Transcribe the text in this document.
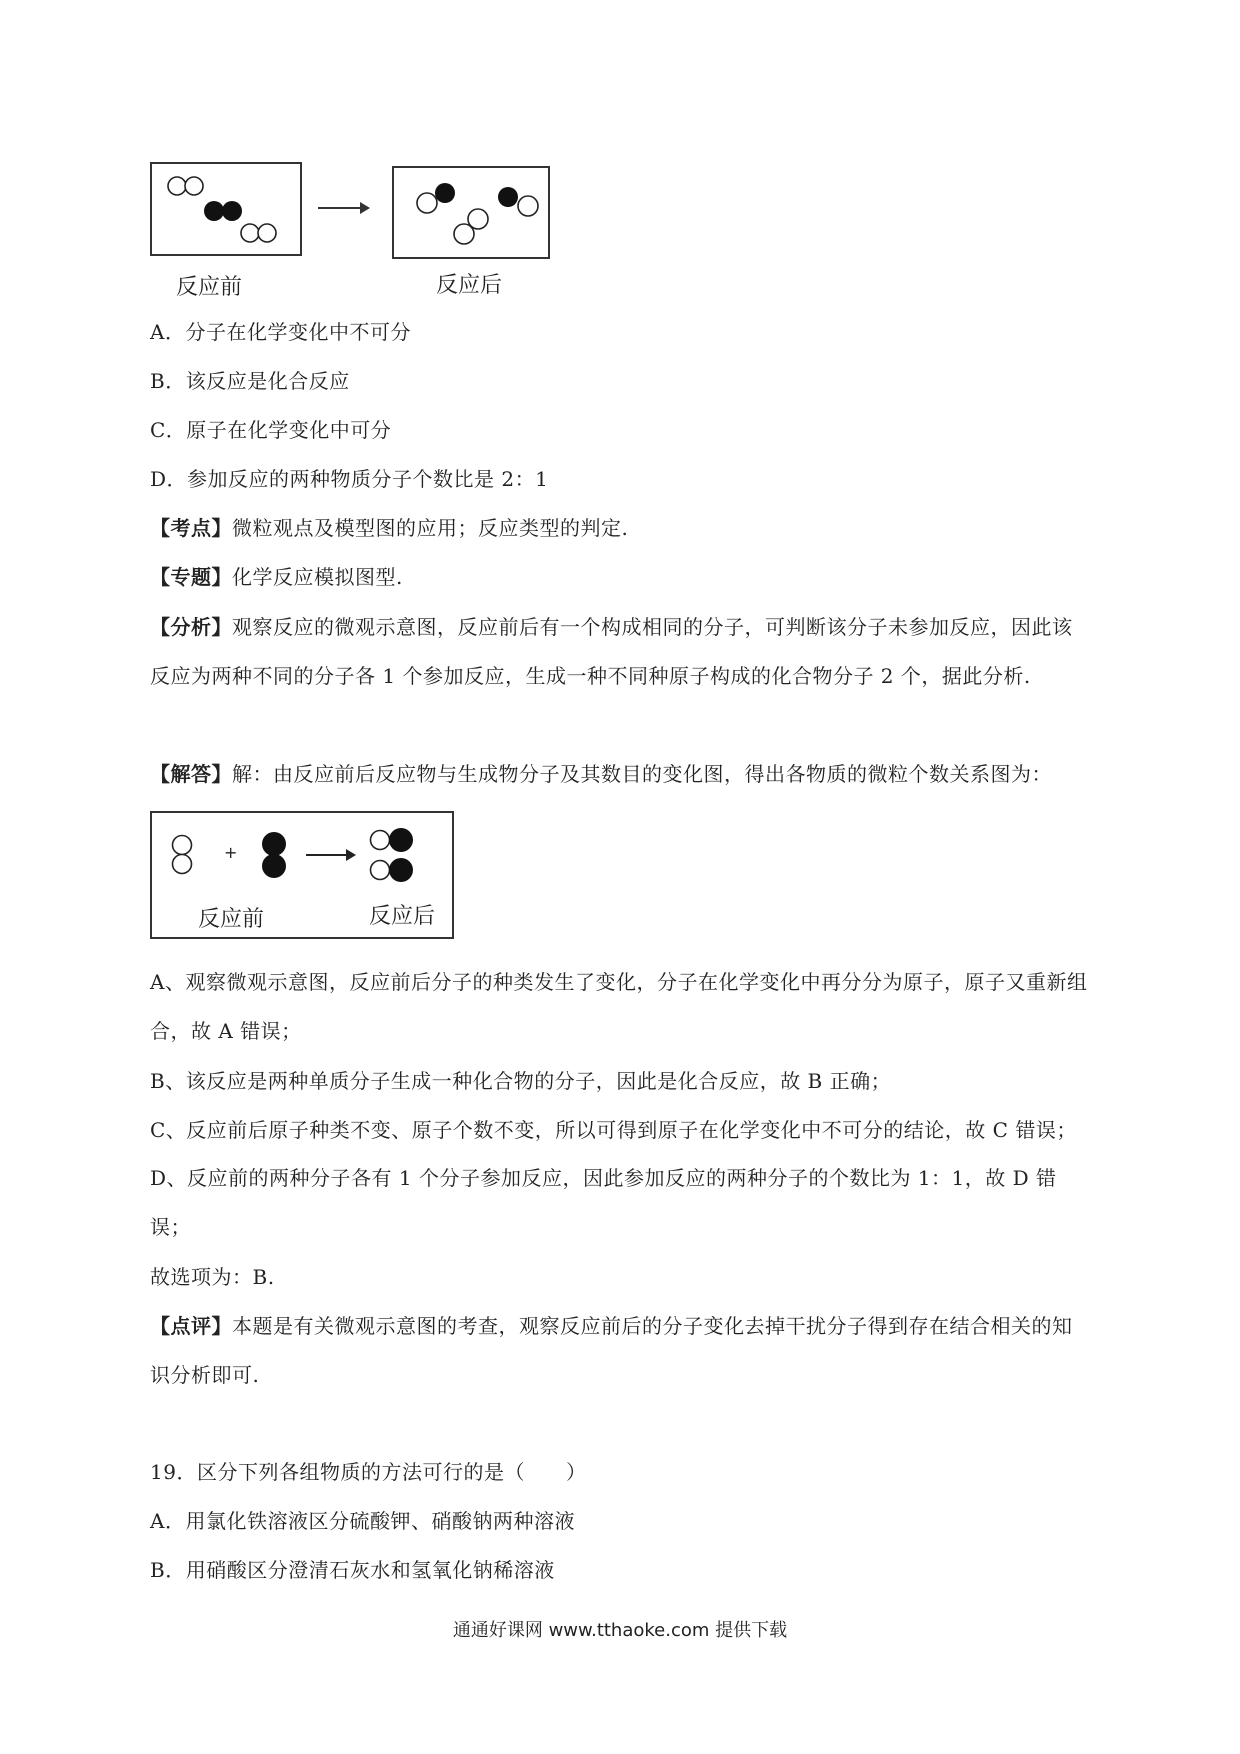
反应前	反应后
A．分子在化学变化中不可分
B．该反应是化合反应
C．原子在化学变化中可分
D．参加反应的两种物质分子个数比是 2：1
【考点】微粒观点及模型图的应用；反应类型的判定.
【专题】化学反应模拟图型.
【分析】观察反应的微观示意图，反应前后有一个构成相同的分子，可判断该分子未参加反应，因此该反应为两种不同的分子各 1 个参加反应，生成一种不同种原子构成的化合物分子 2 个，据此分析.
【解答】解：由反应前后反应物与生成物分子及其数目的变化图，得出各物质的微粒个数关系图为：
+
反应前	反应后
A、观察微观示意图，反应前后分子的种类发生了变化，分子在化学变化中再分分为原子，原子又重新组合，故 A 错误；
B、该反应是两种单质分子生成一种化合物的分子，因此是化合反应，故 B 正确；
C、反应前后原子种类不变、原子个数不变，所以可得到原子在化学变化中不可分的结论，故 C 错误；
D、反应前的两种分子各有 1 个分子参加反应，因此参加反应的两种分子的个数比为 1：1，故 D 错误；
故选项为：B.
【点评】本题是有关微观示意图的考查，观察反应前后的分子变化去掉干扰分子得到存在结合相关的知识分析即可.
19．区分下列各组物质的方法可行的是（　　）
A．用氯化铁溶液区分硫酸钾、硝酸钠两种溶液
B．用硝酸区分澄清石灰水和氢氧化钠稀溶液
通通好课网 www.tthaoke.com 提供下载
